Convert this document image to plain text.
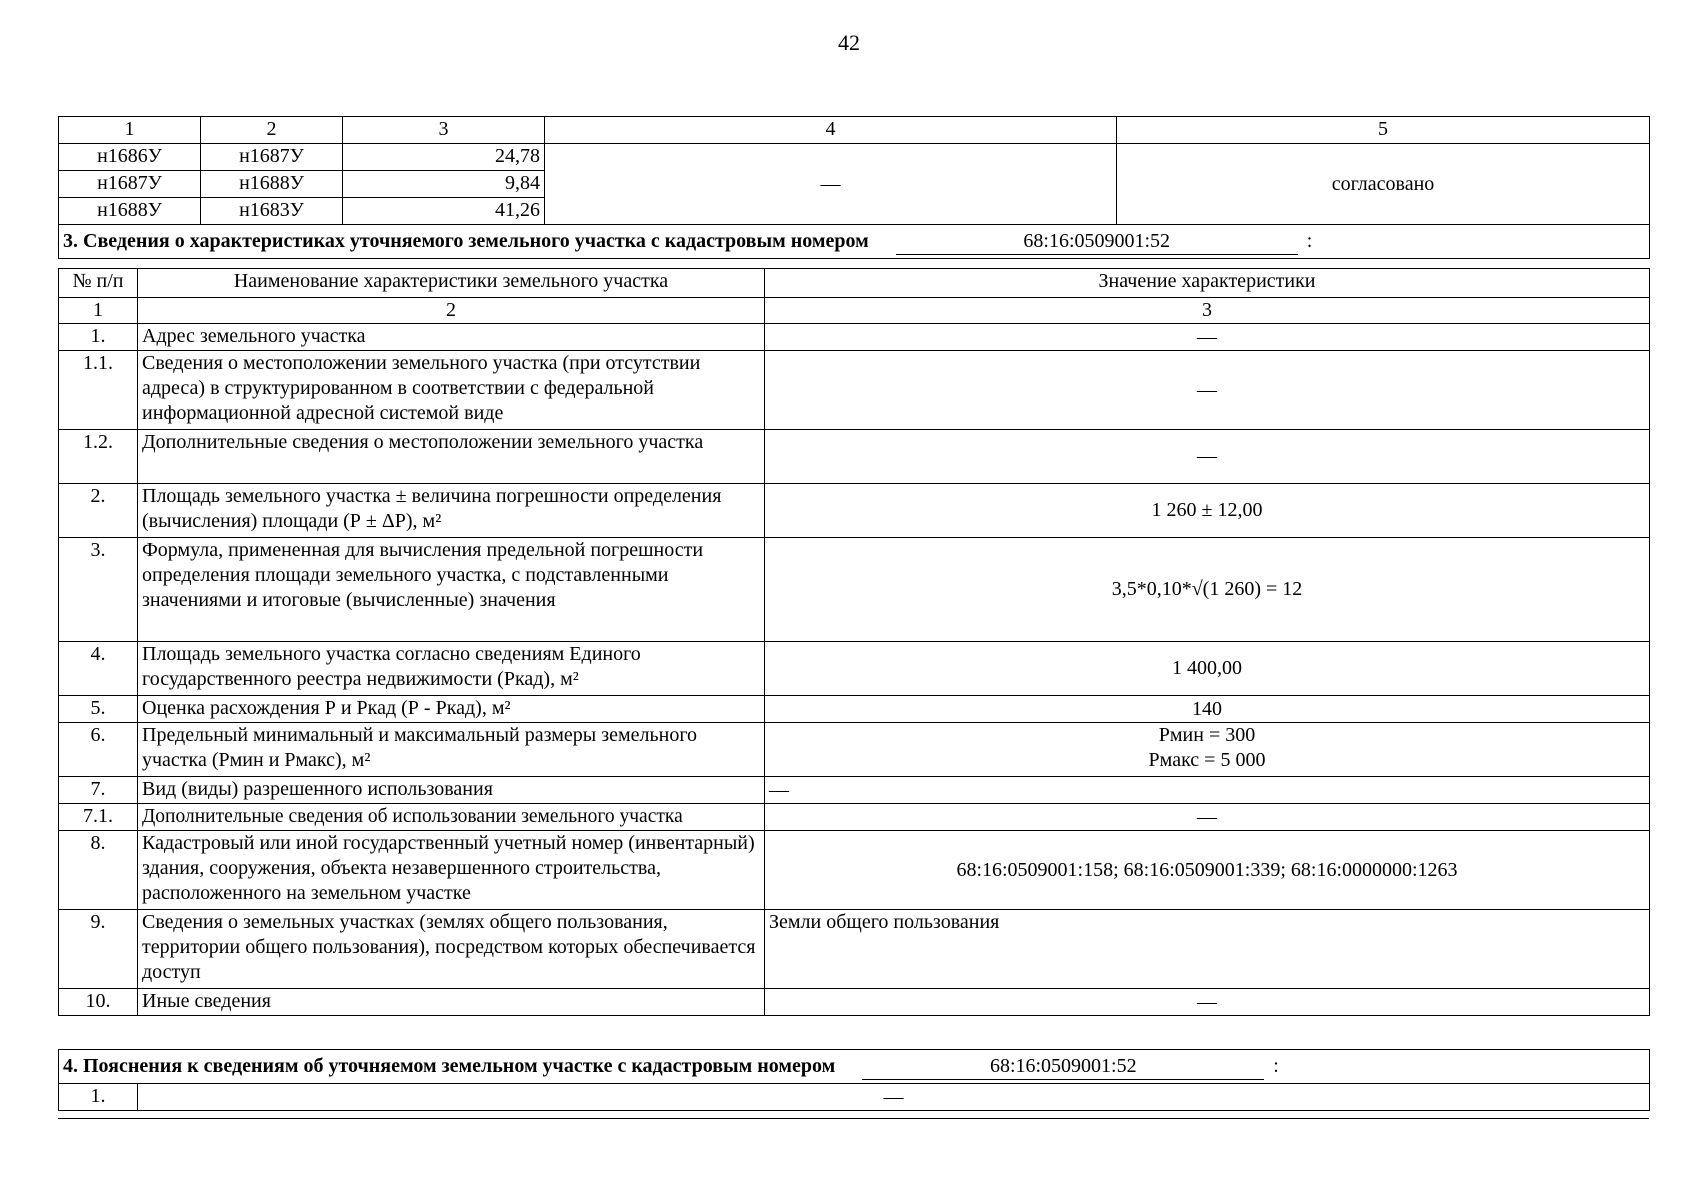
42
1	2	3	4	5
н1686У	н1687У	24,78	—	согласовано
н1687У	н1688У	9,84		
н1688У	н1683У	41,26		
3. Сведения о характеристиках уточняемого земельного участка с кадастровым номером 68:16:0509001:52 :				
№ п/п	Наименование характеристики земельного участка	Значение характеристики
1	2	3
1.	Адрес земельного участка	—
1.1.	Сведения о местоположении земельного участка (при отсутствии адреса) в структурированном в соответствии с федеральной информационной адресной системой виде	—
1.2.	Дополнительные сведения о местоположении земельного участка	—
2.	Площадь земельного участка ± величина погрешности определения (вычисления) площади (Р ± ΔР), м²	1 260 ± 12,00
3.	Формула, примененная для вычисления предельной погрешности определения площади земельного участка, с подставленными значениями и итоговые (вычисленные) значения	3,5*0,10*√(1 260) = 12
4.	Площадь земельного участка согласно сведениям Единого государственного реестра недвижимости (Ркад), м²	1 400,00
5.	Оценка расхождения Р и Ркад (Р - Ркад), м²	140
6.	Предельный минимальный и максимальный размеры земельного участка (Рмин и Рмакс), м²	Рмин = 300
Рмакс = 5 000

7.	Вид (виды) разрешенного использования	—
7.1.	Дополнительные сведения об использовании земельного участка	—
8.	Кадастровый или иной государственный учетный номер (инвентарный) здания, сооружения, объекта незавершенного строительства, расположенного на земельном участке	68:16:0509001:158; 68:16:0509001:339; 68:16:0000000:1263
9.	Сведения о земельных участках (землях общего пользования, территории общего пользования), посредством которых обеспечивается доступ	Земли общего пользования
10.	Иные сведения	—
4. Пояснения к сведениям об уточняемом земельном участке с кадастровым номером	68:16:0509001:52	:
1.	—
